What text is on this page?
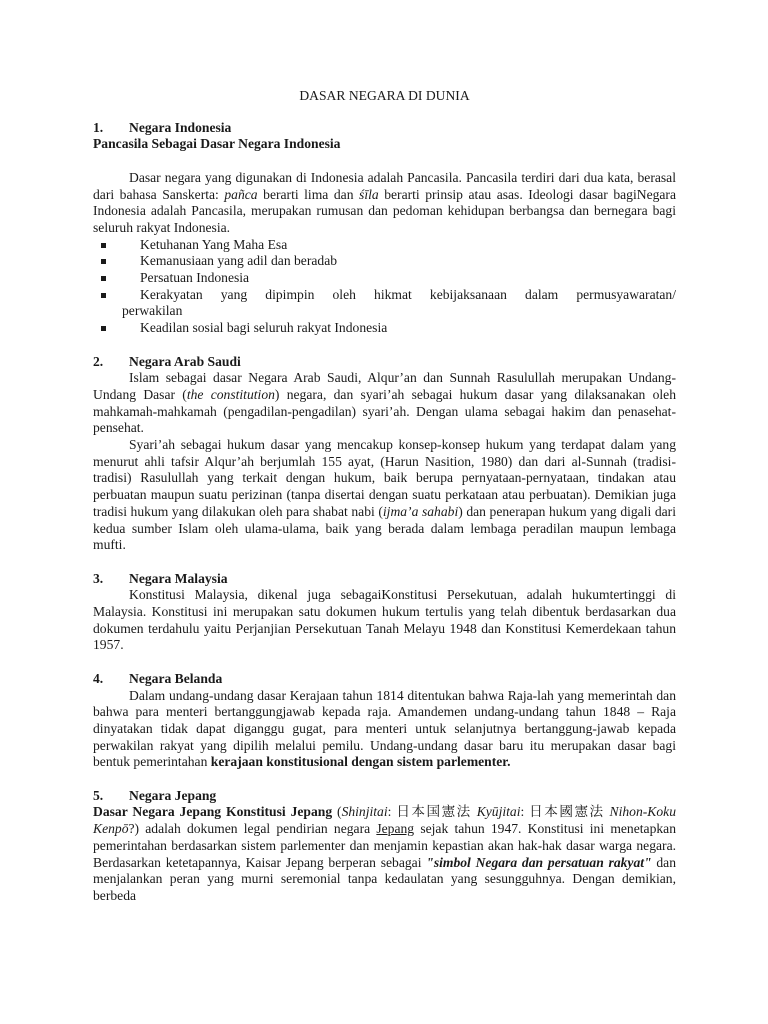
DASAR NEGARA DI DUNIA
1. Negara Indonesia
Pancasila Sebagai Dasar Negara Indonesia

Dasar negara yang digunakan di Indonesia adalah Pancasila. Pancasila terdiri dari dua kata, berasal dari bahasa Sanskerta: pañca berarti lima dan śīla berarti prinsip atau asas. Ideologi dasar bagiNegara Indonesia adalah Pancasila, merupakan rumusan dan pedoman kehidupan berbangsa dan bernegara bagi seluruh rakyat Indonesia.

Ketuhanan Yang Maha Esa
Kemanusiaan yang adil dan beradab
Persatuan Indonesia
Kerakyatan yang dipimpin oleh hikmat kebijaksanaan dalam permusyawaratan/
perwakilan
Keadilan sosial bagi seluruh rakyat Indonesia
2. Negara Arab Saudi

Islam sebagai dasar Negara Arab Saudi, Alqur’an dan Sunnah Rasulullah merupakan Undang-Undang Dasar (the constitution) negara, dan syari’ah sebagai hukum dasar yang dilaksanakan oleh mahkamah-mahkamah (pengadilan-pengadilan) syari’ah. Dengan ulama sebagai hakim dan penasehat-pensehat.

Syari’ah sebagai hukum dasar yang mencakup konsep-konsep hukum yang terdapat dalam yang menurut ahli tafsir Alqur’ah berjumlah 155 ayat, (Harun Nasition, 1980) dan dari al-Sunnah (tradisi-tradisi) Rasulullah yang terkait dengan hukum, baik berupa pernyataan-pernyataan, tindakan atau perbuatan maupun suatu perizinan (tanpa disertai dengan suatu perkataan atau perbuatan). Demikian juga tradisi hukum yang dilakukan oleh para shabat nabi (ijma’a sahabi) dan penerapan hukum yang digali dari kedua sumber Islam oleh ulama-ulama, baik yang berada dalam lembaga peradilan maupun lembaga mufti.

3. Negara Malaysia

Konstitusi Malaysia, dikenal juga sebagaiKonstitusi Persekutuan, adalah hukumtertinggi di Malaysia. Konstitusi ini merupakan satu dokumen hukum tertulis yang telah dibentuk berdasarkan dua dokumen terdahulu yaitu Perjanjian Persekutuan Tanah Melayu 1948 dan Konstitusi Kemerdekaan tahun 1957.

4. Negara Belanda

Dalam undang-undang dasar Kerajaan tahun 1814 ditentukan bahwa Raja-lah yang memerintah dan bahwa para menteri bertanggungjawab kepada raja. Amandemen undang-undang tahun 1848 – Raja dinyatakan tidak dapat diganggu gugat, para menteri untuk selanjutnya bertanggung-jawab kepada perwakilan rakyat yang dipilih melalui pemilu. Undang-undang dasar baru itu merupakan dasar bagi bentuk pemerintahan kerajaan konstitusional dengan sistem parlementer.

5. Negara Jepang

Dasar Negara Jepang Konstitusi Jepang (Shinjitai: 日本国憲法 Kyūjitai: 日本國憲法 Nihon-Koku Kenpō?) adalah dokumen legal pendirian negara Jepang sejak tahun 1947. Konstitusi ini menetapkan pemerintahan berdasarkan sistem parlementer dan menjamin kepastian akan hak-hak dasar warga negara. Berdasarkan ketetapannya, Kaisar Jepang berperan sebagai "simbol Negara dan persatuan rakyat" dan menjalankan peran yang murni seremonial tanpa kedaulatan yang sesungguhnya. Dengan demikian, berbeda
